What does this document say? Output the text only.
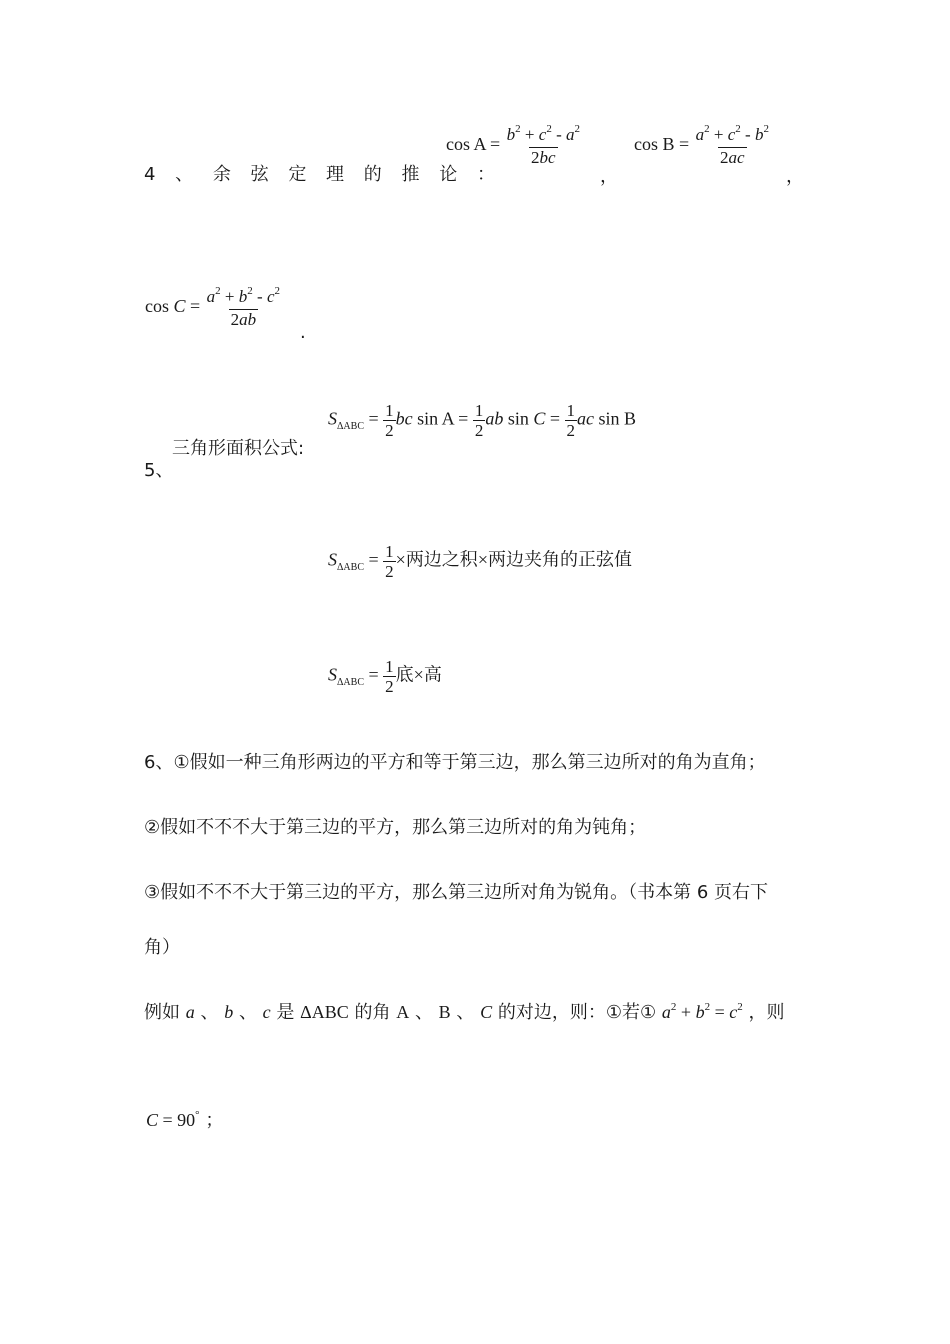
4 、 余 弦 定 理 的 推 论 ：
$\cos A = \frac{b^2 + c^2 - a^2}{2bc}$
，
$\cos B = \frac{a^2 + c^2 - b^2}{2ac}$
，
$\cos C = \frac{a^2 + b^2 - c^2}{2ab}$
.
三角形面积公式:
5、
$S_{\Delta ABC} = \frac{1}{2}$ bc $\sin A = \frac{1}{2}$ ab $\sin C = \frac{1}{2}$ ac sin B
$S_{\Delta ABC} = \frac{1}{2}$ ×两边之积×两边夹角的正弦值
$S_{\Delta ABC} = \frac{1}{2}$ 底×高
6、①假如一种三角形两边的平方和等于第三边，那么第三边所对的角为直角；
②假如不不不大于第三边的平方，那么第三边所对的角为钝角；
③假如不不不大于第三边的平方，那么第三边所对角为锐角。（书本第 6 页右下
角）
例如 a 、 b 、 c 是 ΔABC 的角 A 、 B 、 C 的对边，则：①若① $a^2 + b^2 = c^2$ ，则
C = 90° ；
